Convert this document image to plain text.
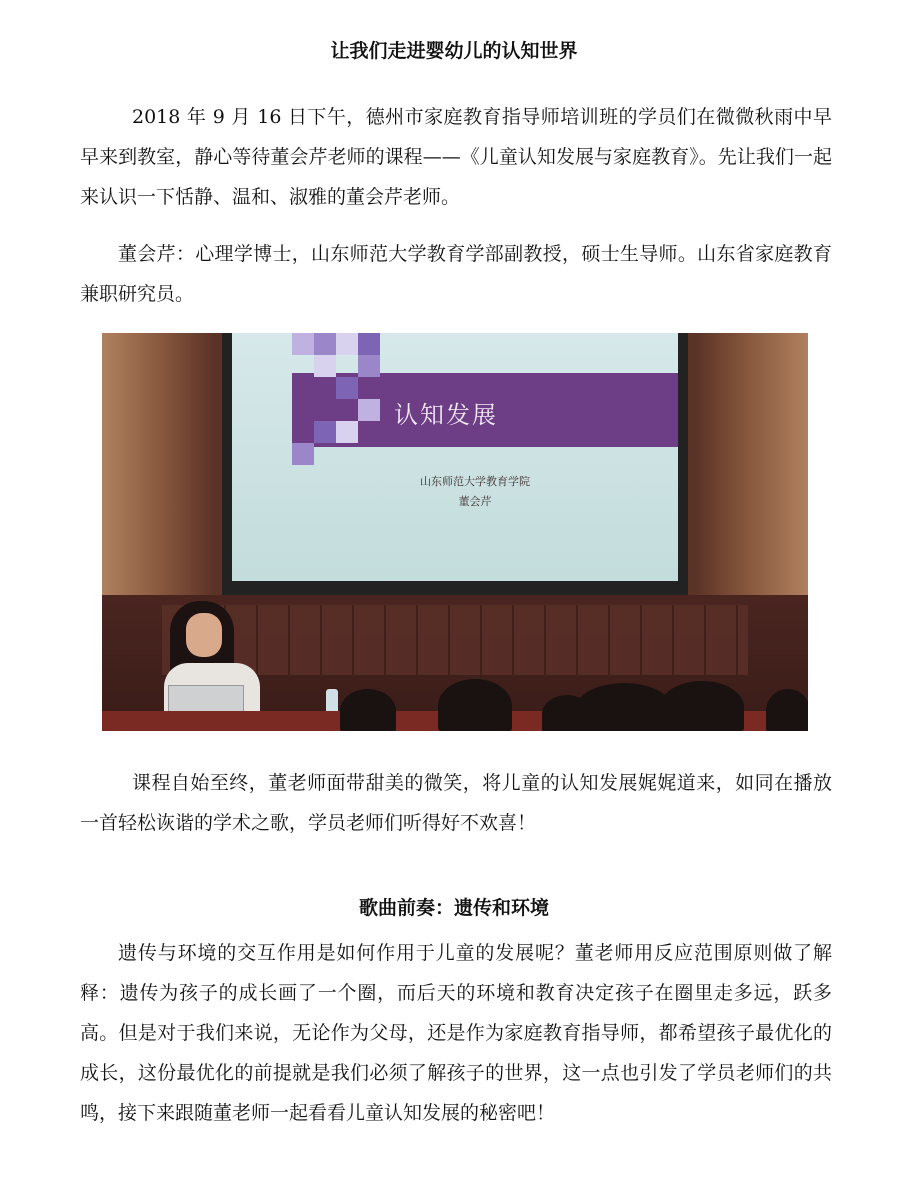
让我们走进婴幼儿的认知世界

2018 年 9 月 16 日下午，德州市家庭教育指导师培训班的学员们在微微秋雨中早早来到教室，静心等待董会芹老师的课程——《儿童认知发展与家庭教育》。先让我们一起来认识一下恬静、温和、淑雅的董会芹老师。

董会芹：心理学博士，山东师范大学教育学部副教授，硕士生导师。山东省家庭教育兼职研究员。

认知发展
山东师范大学教育学院
董会芹

课程自始至终，董老师面带甜美的微笑，将儿童的认知发展娓娓道来，如同在播放一首轻松诙谐的学术之歌，学员老师们听得好不欢喜！

歌曲前奏：遗传和环境

遗传与环境的交互作用是如何作用于儿童的发展呢？董老师用反应范围原则做了解释：遗传为孩子的成长画了一个圈，而后天的环境和教育决定孩子在圈里走多远，跃多高。但是对于我们来说，无论作为父母，还是作为家庭教育指导师，都希望孩子最优化的成长，这份最优化的前提就是我们必须了解孩子的世界，这一点也引发了学员老师们的共鸣，接下来跟随董老师一起看看儿童认知发展的秘密吧！
